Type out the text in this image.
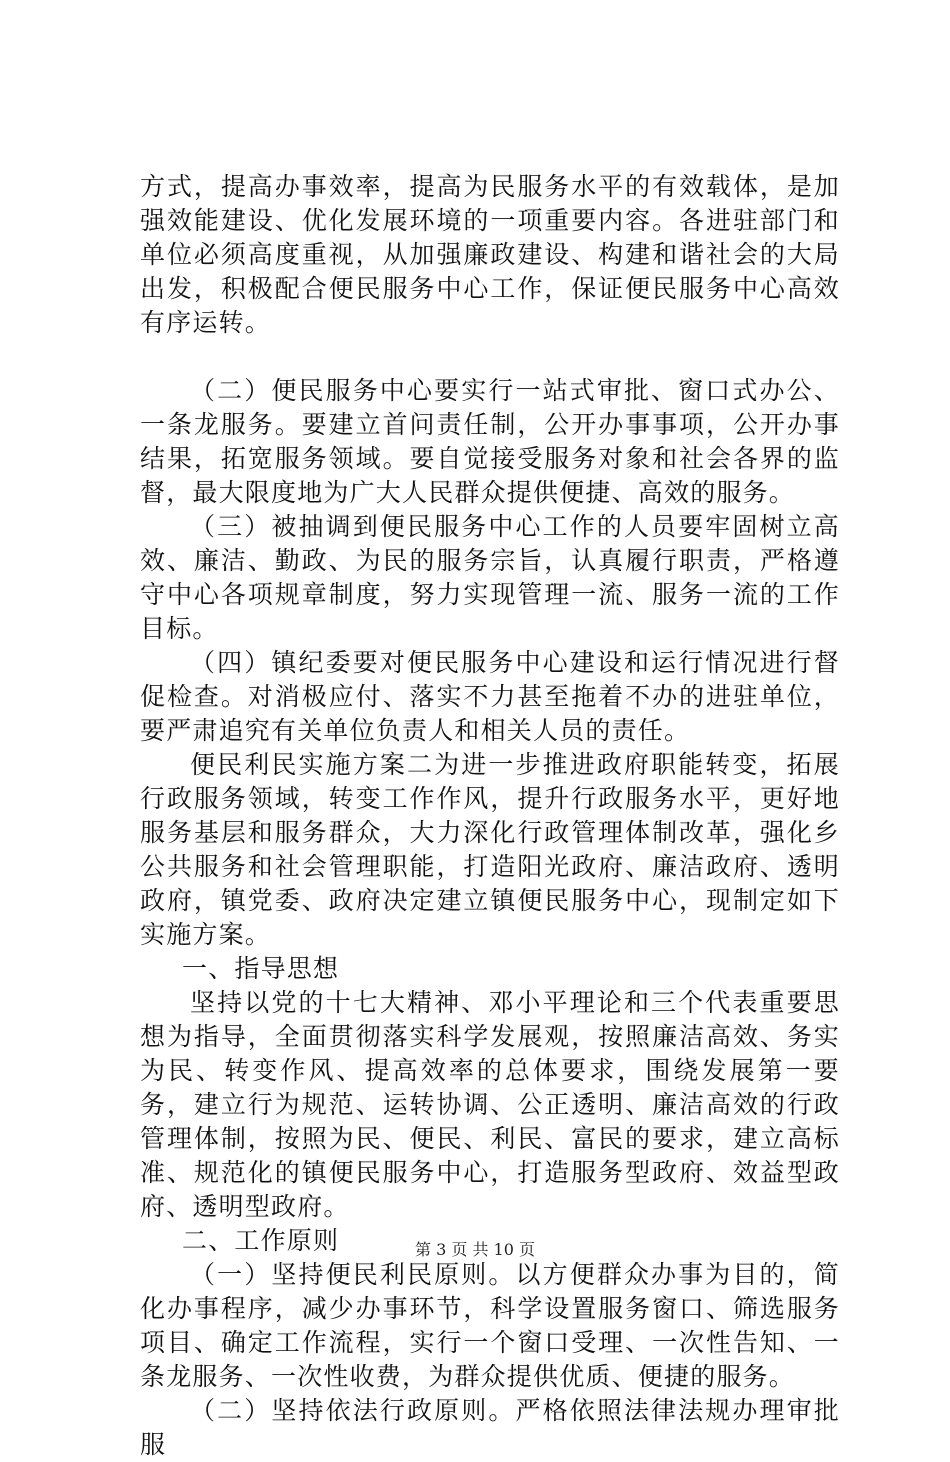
方式，提高办事效率，提高为民服务水平的有效载体，是加强效能建设、优化发展环境的一项重要内容。各进驻部门和单位必须高度重视，从加强廉政建设、构建和谐社会的大局出发，积极配合便民服务中心工作，保证便民服务中心高效有序运转。

（二）便民服务中心要实行一站式审批、窗口式办公、一条龙服务。要建立首问责任制，公开办事事项，公开办事结果，拓宽服务领域。要自觉接受服务对象和社会各界的监督，最大限度地为广大人民群众提供便捷、高效的服务。

（三）被抽调到便民服务中心工作的人员要牢固树立高效、廉洁、勤政、为民的服务宗旨，认真履行职责，严格遵守中心各项规章制度，努力实现管理一流、服务一流的工作目标。

（四）镇纪委要对便民服务中心建设和运行情况进行督促检查。对消极应付、落实不力甚至拖着不办的进驻单位，要严肃追究有关单位负责人和相关人员的责任。

便民利民实施方案二为进一步推进政府职能转变，拓展行政服务领域，转变工作作风，提升行政服务水平，更好地服务基层和服务群众，大力深化行政管理体制改革，强化乡公共服务和社会管理职能，打造阳光政府、廉洁政府、透明政府，镇党委、政府决定建立镇便民服务中心，现制定如下实施方案。

一、指导思想

坚持以党的十七大精神、邓小平理论和三个代表重要思想为指导，全面贯彻落实科学发展观，按照廉洁高效、务实为民、转变作风、提高效率的总体要求，围绕发展第一要务，建立行为规范、运转协调、公正透明、廉洁高效的行政管理体制，按照为民、便民、利民、富民的要求，建立高标准、规范化的镇便民服务中心，打造服务型政府、效益型政府、透明型政府。

二、工作原则

（一）坚持便民利民原则。以方便群众办事为目的，简化办事程序，减少办事环节，科学设置服务窗口、筛选服务项目、确定工作流程，实行一个窗口受理、一次性告知、一条龙服务、一次性收费，为群众提供优质、便捷的服务。

（二）坚持依法行政原则。严格依照法律法规办理审批服

第 3 页 共 10 页
